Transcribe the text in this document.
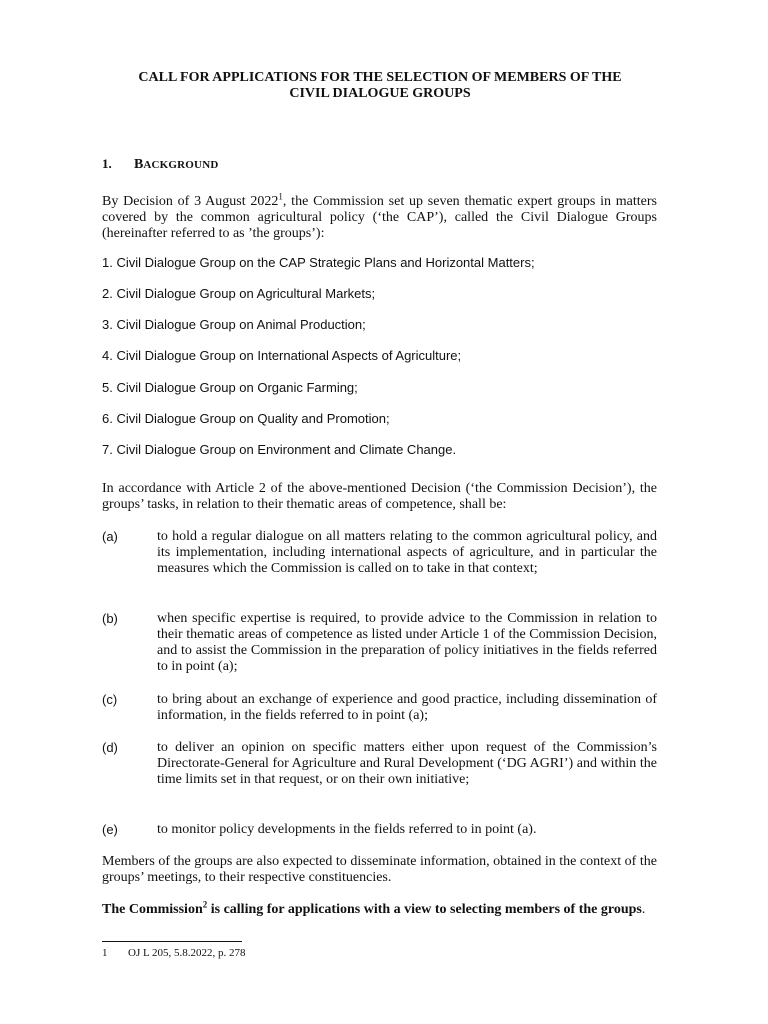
CALL FOR APPLICATIONS FOR THE SELECTION OF MEMBERS OF THE
CIVIL DIALOGUE GROUPS
1. BACKGROUND
By Decision of 3 August 2022$^1$, the Commission set up seven thematic expert groups in matters covered by the common agricultural policy (‘the CAP’), called the Civil Dialogue Groups (hereinafter referred to as ’the groups’):
1. Civil Dialogue Group on the CAP Strategic Plans and Horizontal Matters;
2. Civil Dialogue Group on Agricultural Markets;
3. Civil Dialogue Group on Animal Production;
4. Civil Dialogue Group on International Aspects of Agriculture;
5. Civil Dialogue Group on Organic Farming;
6. Civil Dialogue Group on Quality and Promotion;
7. Civil Dialogue Group on Environment and Climate Change.
In accordance with Article 2 of the above-mentioned Decision (‘the Commission Decision’), the groups’ tasks, in relation to their thematic areas of competence, shall be:
(a)	to hold a regular dialogue on all matters relating to the common agricultural policy, and its implementation, including international aspects of agriculture, and in particular the measures which the Commission is called on to take in that context;
(b)	when specific expertise is required, to provide advice to the Commission in relation to their thematic areas of competence as listed under Article 1 of the Commission Decision, and to assist the Commission in the preparation of policy initiatives in the fields referred to in point (a);
(c)	to bring about an exchange of experience and good practice, including dissemination of information, in the fields referred to in point (a);
(d)	to deliver an opinion on specific matters either upon request of the Commission’s Directorate-General for Agriculture and Rural Development (‘DG AGRI’) and within the time limits set in that request, or on their own initiative;
(e)	to monitor policy developments in the fields referred to in point (a).
Members of the groups are also expected to disseminate information, obtained in the context of the groups’ meetings, to their respective constituencies.
The Commission$^2$ is calling for applications with a view to selecting members of the groups.
1 OJ L 205, 5.8.2022, p. 278
